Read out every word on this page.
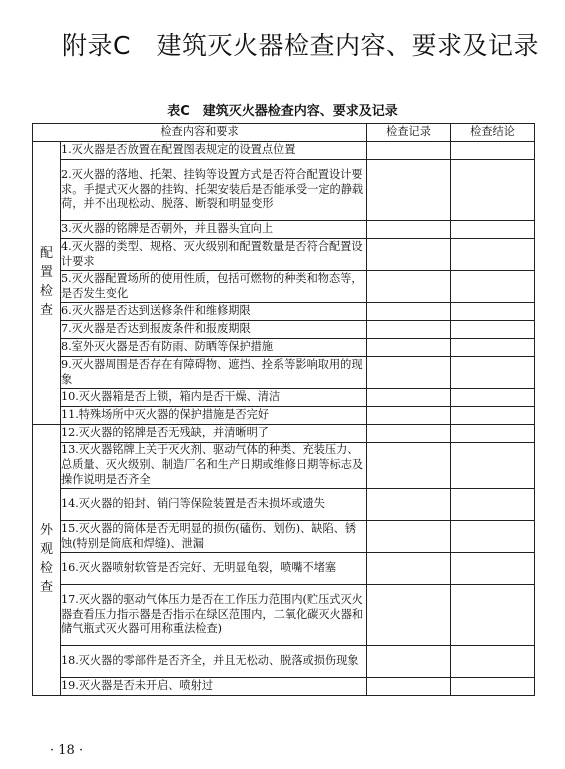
附录C　建筑灭火器检查内容、要求及记录
表C　建筑灭火器检查内容、要求及记录
检查内容和要求		检查记录	检查结论
配
置
检
查	1.灭火器是否放置在配置图表规定的设置点位置		
	2.灭火器的落地、托架、挂钩等设置方式是否符合配置设计要求。手提式灭火器的挂钩、托架安装后是否能承受一定的静载荷，并不出现松动、脱落、断裂和明显变形		
	3.灭火器的铭牌是否朝外，并且器头宜向上		
	4.灭火器的类型、规格、灭火级别和配置数量是否符合配置设计要求		
	5.灭火器配置场所的使用性质，包括可燃物的种类和物态等，是否发生变化		
	6.灭火器是否达到送修条件和维修期限		
	7.灭火器是否达到报废条件和报废期限		
	8.室外灭火器是否有防雨、防晒等保护措施		
	9.灭火器周围是否存在有障碍物、遮挡、拴系等影响取用的现象		
	10.灭火器箱是否上锁，箱内是否干燥、清洁		
	11.特殊场所中灭火器的保护措施是否完好		
外
观
检
查	12.灭火器的铭牌是否无残缺，并清晰明了		
	13.灭火器铭牌上关于灭火剂、驱动气体的种类、充装压力、总质量、灭火级别、制造厂名和生产日期或维修日期等标志及操作说明是否齐全		
	14.灭火器的铅封、销闩等保险装置是否未损坏或遗失		
	15.灭火器的筒体是否无明显的损伤(磕伤、划伤)、缺陷、锈蚀(特别是筒底和焊缝)、泄漏		
	16.灭火器喷射软管是否完好、无明显龟裂，喷嘴不堵塞		
	17.灭火器的驱动气体压力是否在工作压力范围内(贮压式灭火器查看压力指示器是否指示在绿区范围内，二氧化碳灭火器和储气瓶式灭火器可用称重法检查)		
	18.灭火器的零部件是否齐全，并且无松动、脱落或损伤现象		
	19.灭火器是否未开启、喷射过		
· 18 ·
